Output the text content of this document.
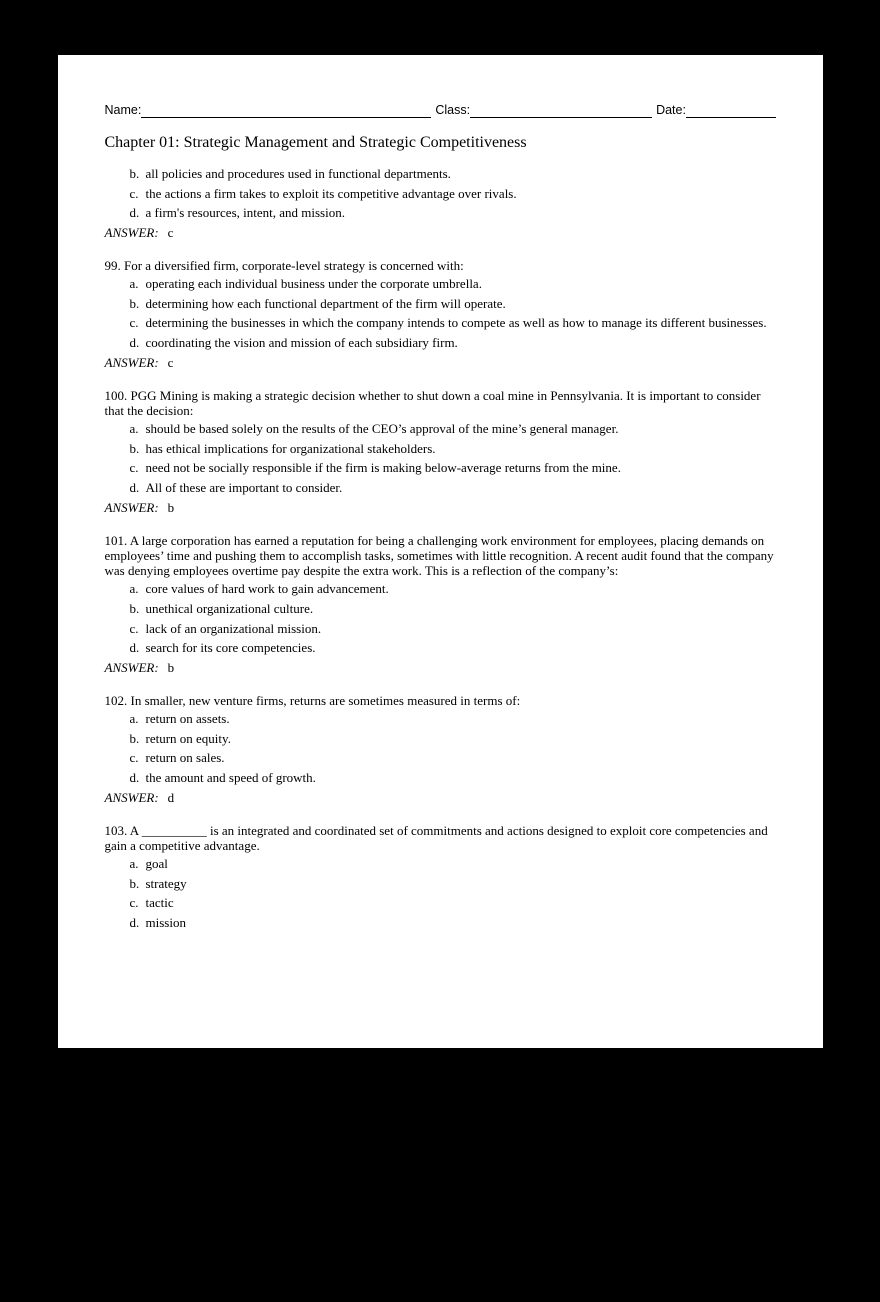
Name:	Class:	Date:
Chapter 01: Strategic Management and Strategic Competitiveness
b. all policies and procedures used in functional departments.
c. the actions a firm takes to exploit its competitive advantage over rivals.
d. a firm's resources, intent, and mission.
ANSWER: c
99. For a diversified firm, corporate-level strategy is concerned with:
a. operating each individual business under the corporate umbrella.
b. determining how each functional department of the firm will operate.
c. determining the businesses in which the company intends to compete as well as how to manage its different businesses.
d. coordinating the vision and mission of each subsidiary firm.
ANSWER: c
100. PGG Mining is making a strategic decision whether to shut down a coal mine in Pennsylvania. It is important to consider that the decision:
a. should be based solely on the results of the CEO’s approval of the mine’s general manager.
b. has ethical implications for organizational stakeholders.
c. need not be socially responsible if the firm is making below-average returns from the mine.
d. All of these are important to consider.
ANSWER: b
101. A large corporation has earned a reputation for being a challenging work environment for employees, placing demands on employees’ time and pushing them to accomplish tasks, sometimes with little recognition. A recent audit found that the company was denying employees overtime pay despite the extra work. This is a reflection of the company’s:
a. core values of hard work to gain advancement.
b. unethical organizational culture.
c. lack of an organizational mission.
d. search for its core competencies.
ANSWER: b
102. In smaller, new venture firms, returns are sometimes measured in terms of:
a. return on assets.
b. return on equity.
c. return on sales.
d. the amount and speed of growth.
ANSWER: d
103. A __________ is an integrated and coordinated set of commitments and actions designed to exploit core competencies and gain a competitive advantage.
a. goal
b. strategy
c. tactic
d. mission
